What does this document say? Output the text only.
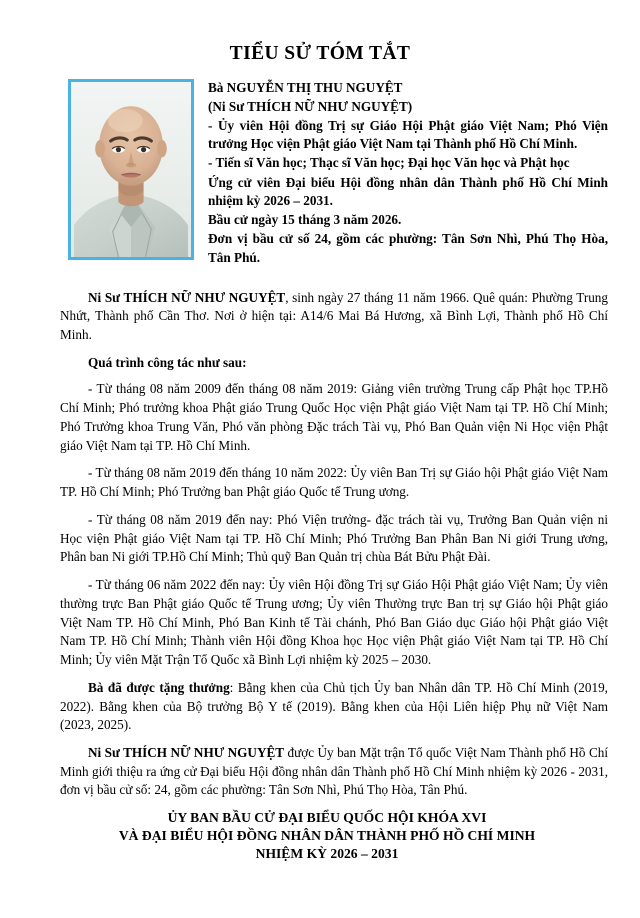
TIỂU SỬ TÓM TẮT

Bà NGUYỄN THỊ THU NGUYỆT

(Ni Sư THÍCH NỮ NHƯ NGUYỆT)

- Ủy viên Hội đồng Trị sự Giáo Hội Phật giáo Việt Nam; Phó Viện trưởng Học viện Phật giáo Việt Nam tại Thành phố Hồ Chí Minh.

- Tiến sĩ Văn học; Thạc sĩ Văn học; Đại học Văn học và Phật học

Ứng cử viên Đại biểu Hội đồng nhân dân Thành phố Hồ Chí Minh nhiệm kỳ 2026 – 2031.

Bầu cử ngày 15 tháng 3 năm 2026.

Đơn vị bầu cử số 24, gồm các phường: Tân Sơn Nhì, Phú Thọ Hòa, Tân Phú.

Ni Sư THÍCH NỮ NHƯ NGUYỆT, sinh ngày 27 tháng 11 năm 1966. Quê quán: Phường Trung Nhứt, Thành phố Cần Thơ. Nơi ở hiện tại: A14/6 Mai Bá Hương, xã Bình Lợi, Thành phố Hồ Chí Minh.

Quá trình công tác như sau:

- Từ tháng 08 năm 2009 đến tháng 08 năm 2019: Giảng viên trường Trung cấp Phật học TP.Hồ Chí Minh; Phó trưởng khoa Phật giáo Trung Quốc Học viện Phật giáo Việt Nam tại TP. Hồ Chí Minh; Phó Trưởng khoa Trung Văn, Phó văn phòng Đặc trách Tài vụ, Phó Ban Quản viện Ni Học viện Phật giáo Việt Nam tại TP. Hồ Chí Minh.

- Từ tháng 08 năm 2019 đến tháng 10 năm 2022: Ủy viên Ban Trị sự Giáo hội Phật giáo Việt Nam TP. Hồ Chí Minh; Phó Trưởng ban Phật giáo Quốc tế Trung ương.

- Từ tháng 08 năm 2019 đến nay: Phó Viện trưởng- đặc trách tài vụ, Trưởng Ban Quản viện ni Học viện Phật giáo Việt Nam tại TP. Hồ Chí Minh; Phó Trưởng Ban Phân Ban Ni giới Trung ương, Phân ban Ni giới TP.Hồ Chí Minh; Thủ quỹ Ban Quản trị chùa Bát Bửu Phật Đài.

- Từ tháng 06 năm 2022 đến nay: Ủy viên Hội đồng Trị sự Giáo Hội Phật giáo Việt Nam; Ủy viên thường trực Ban Phật giáo Quốc tế Trung ương; Ủy viên Thường trực Ban trị sự Giáo hội Phật giáo Việt Nam TP. Hồ Chí Minh, Phó Ban Kinh tế Tài chánh, Phó Ban Giáo dục Giáo hội Phật giáo Việt Nam TP. Hồ Chí Minh; Thành viên Hội đồng Khoa học Học viện Phật giáo Việt Nam tại TP. Hồ Chí Minh; Ủy viên Mặt Trận Tổ Quốc xã Bình Lợi nhiệm kỳ 2025 – 2030.

Bà đã được tặng thưởng: Bằng khen của Chủ tịch Ủy ban Nhân dân TP. Hồ Chí Minh (2019, 2022). Bằng khen của Bộ trưởng Bộ Y tế (2019). Bằng khen của Hội Liên hiệp Phụ nữ Việt Nam (2023, 2025).

Ni Sư THÍCH NỮ NHƯ NGUYỆT được Ủy ban Mặt trận Tổ quốc Việt Nam Thành phố Hồ Chí Minh giới thiệu ra ứng cử Đại biểu Hội đồng nhân dân Thành phố Hồ Chí Minh nhiệm kỳ 2026 - 2031, đơn vị bầu cử số: 24, gồm các phường: Tân Sơn Nhì, Phú Thọ Hòa, Tân Phú.

ỦY BAN BẦU CỬ ĐẠI BIỂU QUỐC HỘI KHÓA XVI

VÀ ĐẠI BIỂU HỘI ĐỒNG NHÂN DÂN THÀNH PHỐ HỒ CHÍ MINH

NHIỆM KỲ 2026 – 2031
